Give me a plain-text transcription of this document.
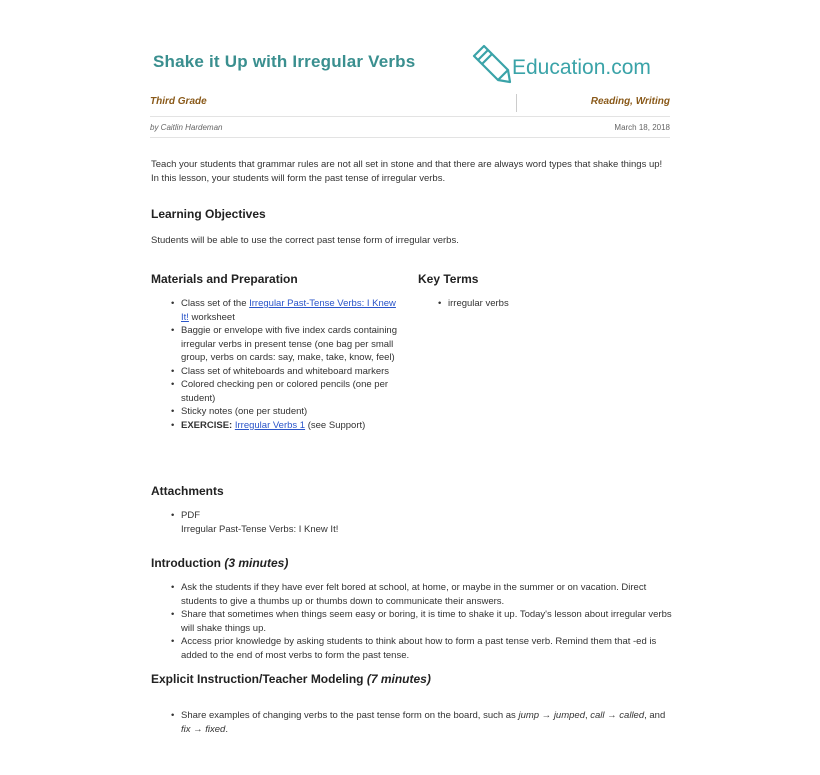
Shake it Up with Irregular Verbs	Education.com
Third Grade	Reading, Writing
by Caitlin Hardeman	March 18, 2018
Teach your students that grammar rules are not all set in stone and that there are always word types that shake things up! In this lesson, your students will form the past tense of irregular verbs.
Learning Objectives
Students will be able to use the correct past tense form of irregular verbs.
Materials and Preparation
• Class set of the Irregular Past-Tense Verbs: I Knew It! worksheet
• Baggie or envelope with five index cards containing irregular verbs in present tense (one bag per small group, verbs on cards: say, make, take, know, feel)
• Class set of whiteboards and whiteboard markers
• Colored checking pen or colored pencils (one per student)
• Sticky notes (one per student)
• EXERCISE: Irregular Verbs 1 (see Support)
Key Terms
• irregular verbs
Attachments
• PDF
Irregular Past-Tense Verbs: I Knew It!
Introduction (3 minutes)
• Ask the students if they have ever felt bored at school, at home, or maybe in the summer or on vacation. Direct students to give a thumbs up or thumbs down to communicate their answers.
• Share that sometimes when things seem easy or boring, it is time to shake it up. Today's lesson about irregular verbs will shake things up.
• Access prior knowledge by asking students to think about how to form a past tense verb. Remind them that -ed is added to the end of most verbs to form the past tense.
Explicit Instruction/Teacher Modeling (7 minutes)
• Share examples of changing verbs to the past tense form on the board, such as jump → jumped, call → called, and fix → fixed.
